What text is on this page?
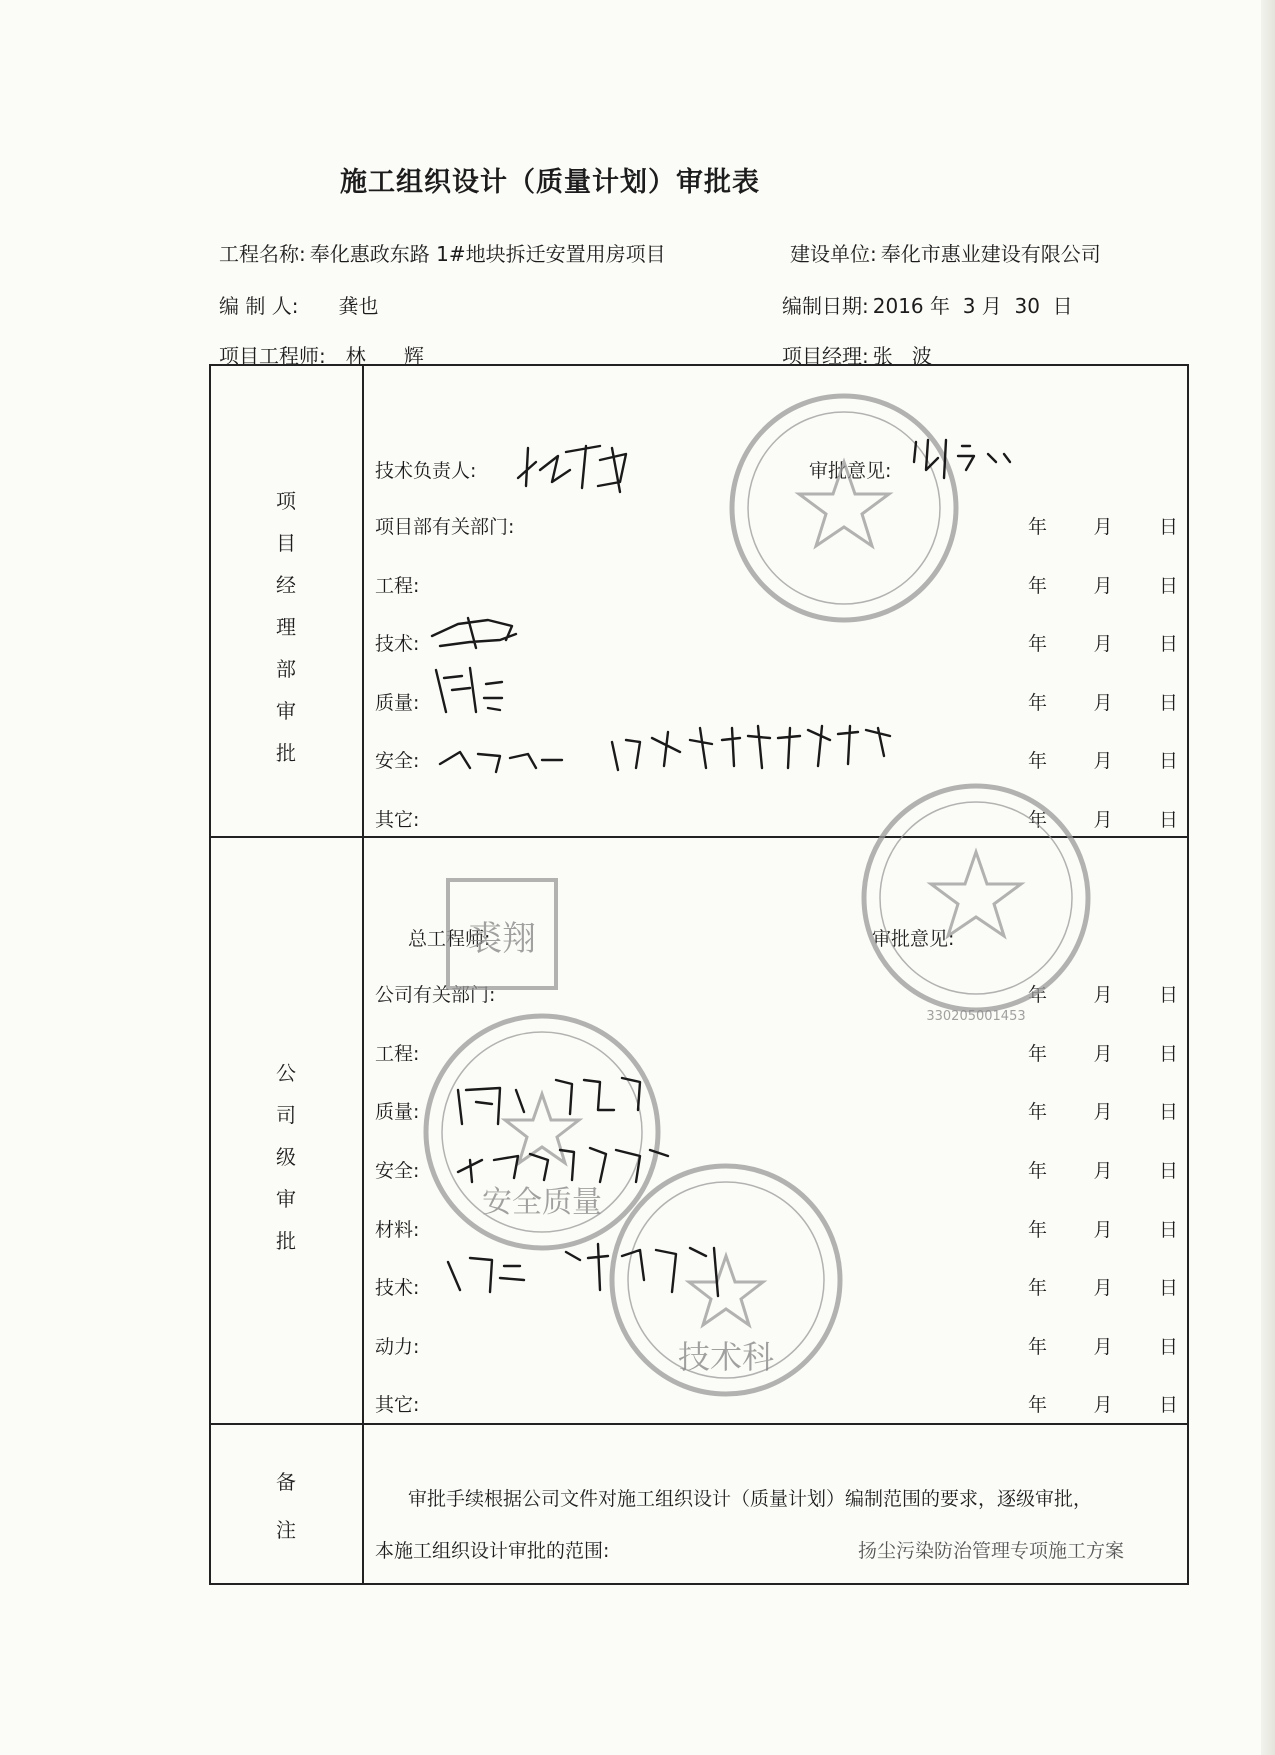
施工组织设计（质量计划）审批表
工程名称: 奉化惠政东路 1#地块拆迁安置用房项目	建设单位: 奉化市惠业建设有限公司
编 制 人: 龚也	编制日期: 2016 年  3 月  30  日
项目工程师: 林      辉	项目经理: 张   波
项
目
经
理
部
审
批
技术负责人:	审批意见:
项目部有关部门:	年 月 日
工程:	年 月 日
技术:	年 月 日
质量:	年 月 日
安全:	年 月 日
其它:	年 月 日
公
司
级
审
批
总工程师:	审批意见:
公司有关部门:	年 月 日
工程:	年 月 日
质量:	年 月 日
安全:	年 月 日
材料:	年 月 日
技术:	年 月 日
动力:	年 月 日
其它:	年 月 日
备
注
审批手续根据公司文件对施工组织设计（质量计划）编制范围的要求，逐级审批，
本施工组织设计审批的范围:	扬尘污染防治管理专项施工方案
裘翔
安全质量
技术科
330205001453
